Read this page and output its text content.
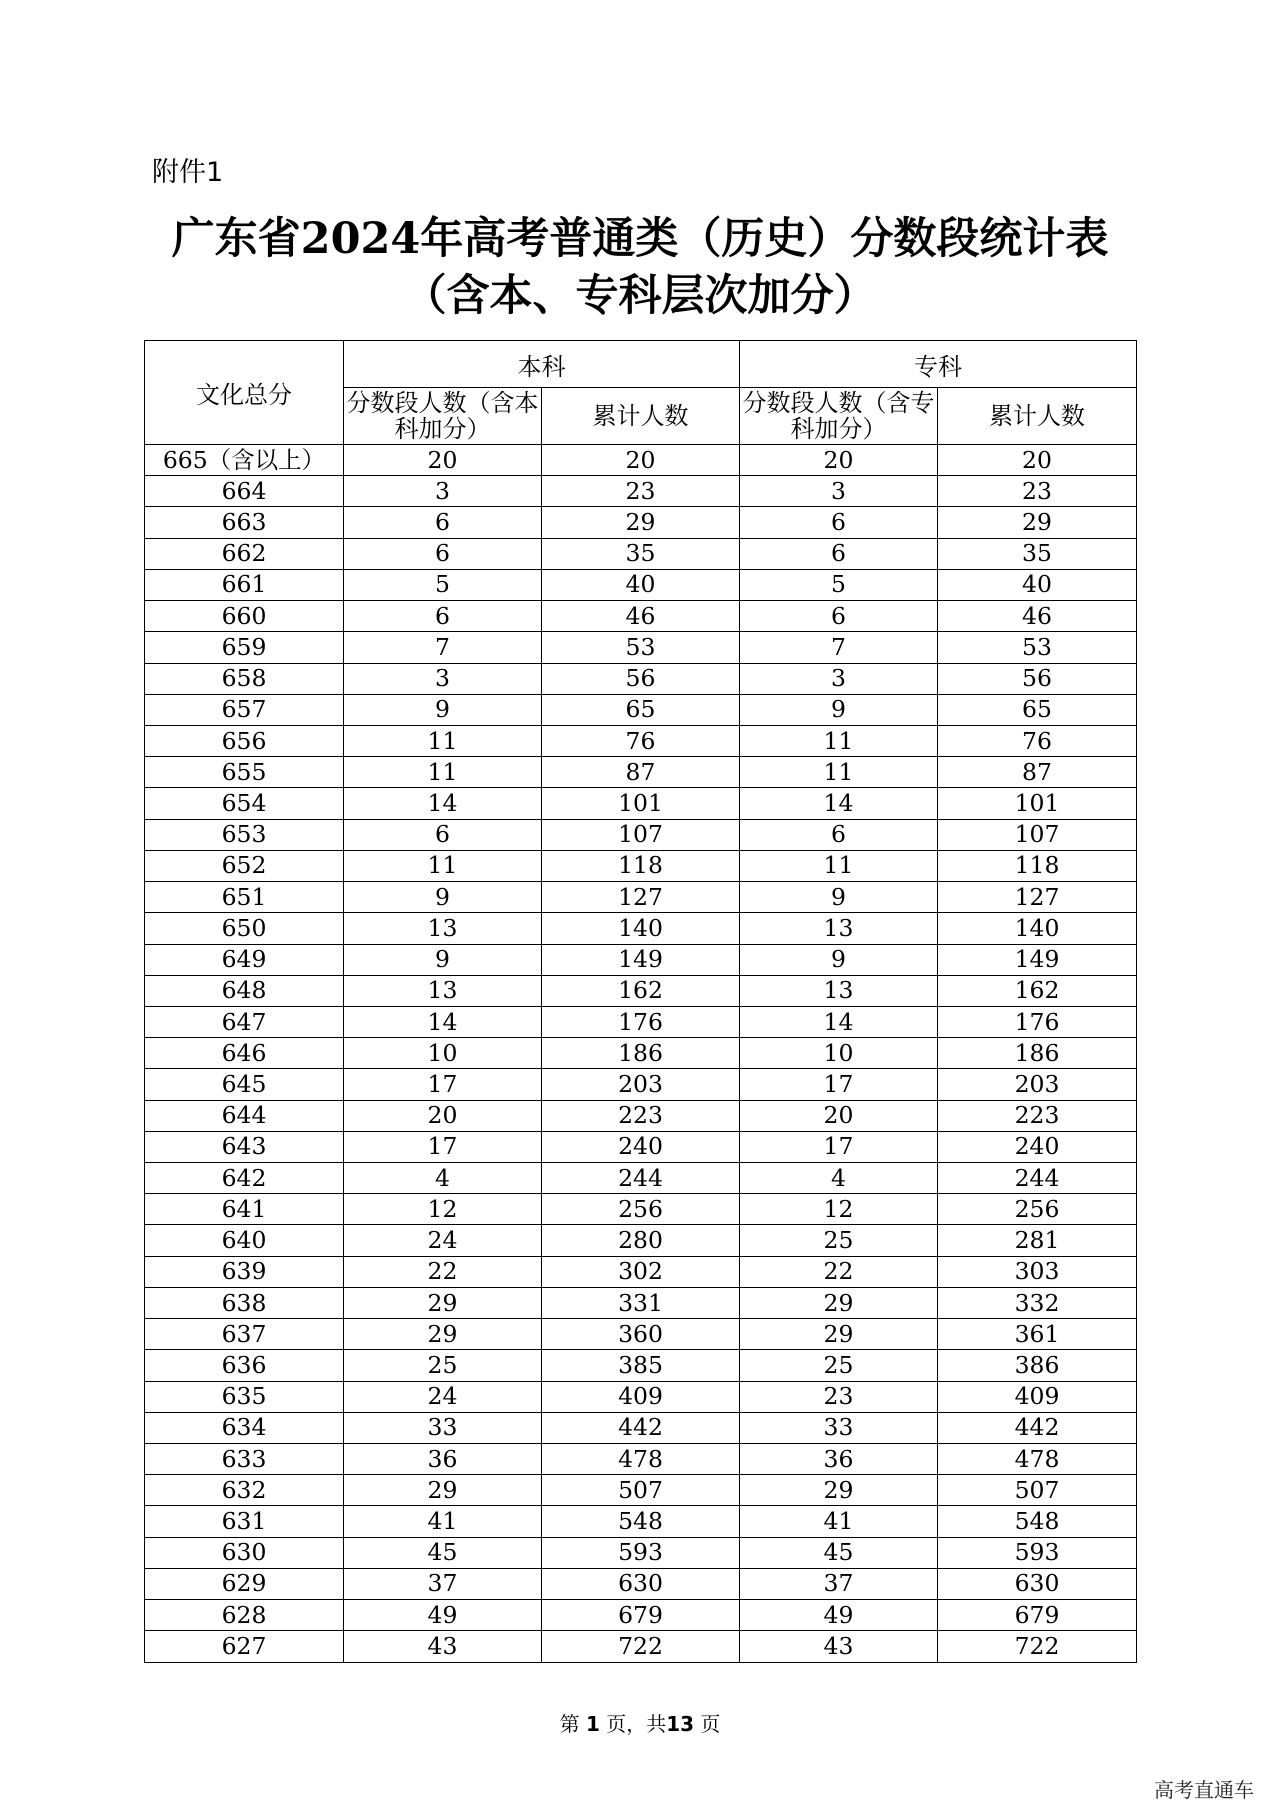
附件1
广东省2024年高考普通类（历史）分数段统计表
（含本、专科层次加分）
文化总分	本科		专科	
	分数段人数（含本科加分）	累计人数	分数段人数（含专科加分）	累计人数
665（含以上）	20	20	20	20
664	3	23	3	23
663	6	29	6	29
662	6	35	6	35
661	5	40	5	40
660	6	46	6	46
659	7	53	7	53
658	3	56	3	56
657	9	65	9	65
656	11	76	11	76
655	11	87	11	87
654	14	101	14	101
653	6	107	6	107
652	11	118	11	118
651	9	127	9	127
650	13	140	13	140
649	9	149	9	149
648	13	162	13	162
647	14	176	14	176
646	10	186	10	186
645	17	203	17	203
644	20	223	20	223
643	17	240	17	240
642	4	244	4	244
641	12	256	12	256
640	24	280	25	281
639	22	302	22	303
638	29	331	29	332
637	29	360	29	361
636	25	385	25	386
635	24	409	23	409
634	33	442	33	442
633	36	478	36	478
632	29	507	29	507
631	41	548	41	548
630	45	593	45	593
629	37	630	37	630
628	49	679	49	679
627	43	722	43	722
第 1 页，共13 页
高考直通车
